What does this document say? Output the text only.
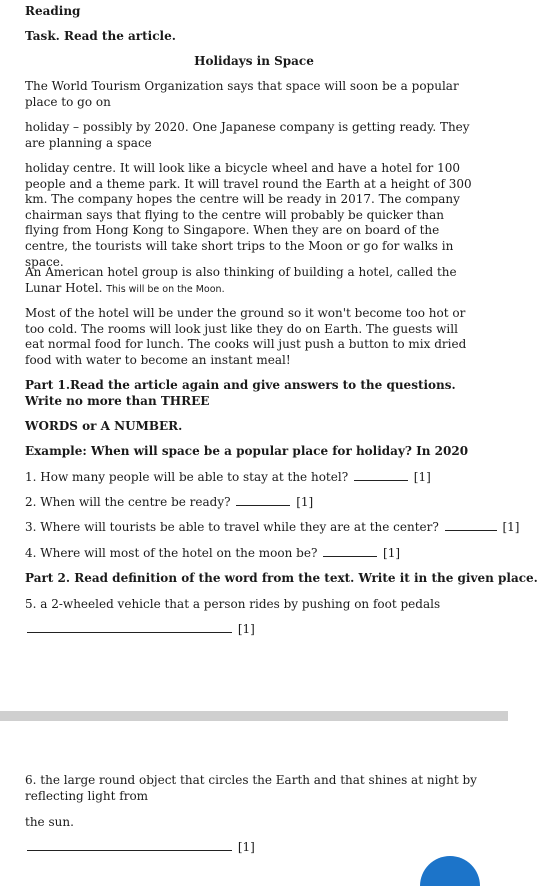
Reading
Task. Read the article.
Holidays in Space
The World Tourism Organization says that space will soon be a popular place to go on
holiday – possibly by 2020. One Japanese company is getting ready. They are planning a space
holiday centre. It will look like a bicycle wheel and have a hotel for 100 people and a theme park. It will travel round the Earth at a height of 300 km. The company hopes the centre will be ready in 2017. The company chairman says that flying to the centre will probably be quicker than flying from Hong Kong to Singapore. When they are on board of the centre, the tourists will take short trips to the Moon or go for walks in space.
An American hotel group is also thinking of building a hotel, called the Lunar Hotel. This will be on the Moon.
Most of the hotel will be under the ground so it won't become too hot or too cold. The rooms will look just like they do on Earth. The guests will eat normal food for lunch. The cooks will just push a button to mix dried food with water to become an instant meal!
Part 1.Read the article again and give answers to the questions. Write no more than THREE
WORDS or A NUMBER.
Example: When will space be a popular place for holiday? In 2020
1. How many people will be able to stay at the hotel?	[1]
2. When will the centre be ready?	[1]
3. Where will tourists be able to travel while they are at the center?	[1]
4. Where will most of the hotel on the moon be?	[1]
Part 2. Read definition of the word from the text. Write it in the given place.
5. a 2-wheeled vehicle that a person rides by pushing on foot pedals
[1]
6. the large round object that circles the Earth and that shines at night by reflecting light from
the sun.
[1]
